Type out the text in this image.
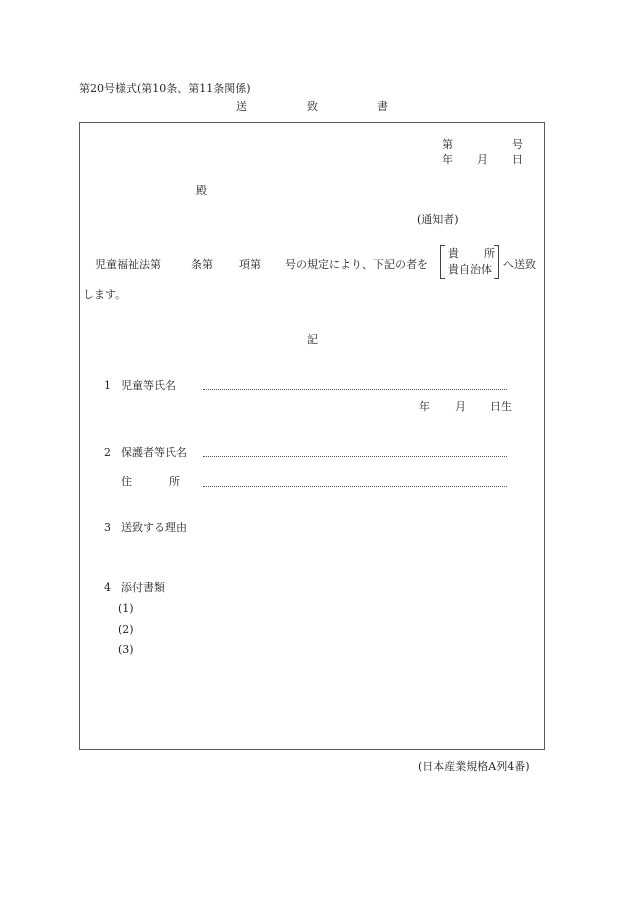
第20号様式(第10条、第11条関係)
送	致	書
第	号
年 月 日
殿
(通知者)
児童福祉法第	条第 項第 号の規定により、下記の者を
貴 所
貴自治体 へ送致
します。
記
1 児童等氏名
年 月 日生
2 保護者等氏名
住	所
3 送致する理由
4 添付書類
(1)
(2)
(3)
(日本産業規格A列4番)
